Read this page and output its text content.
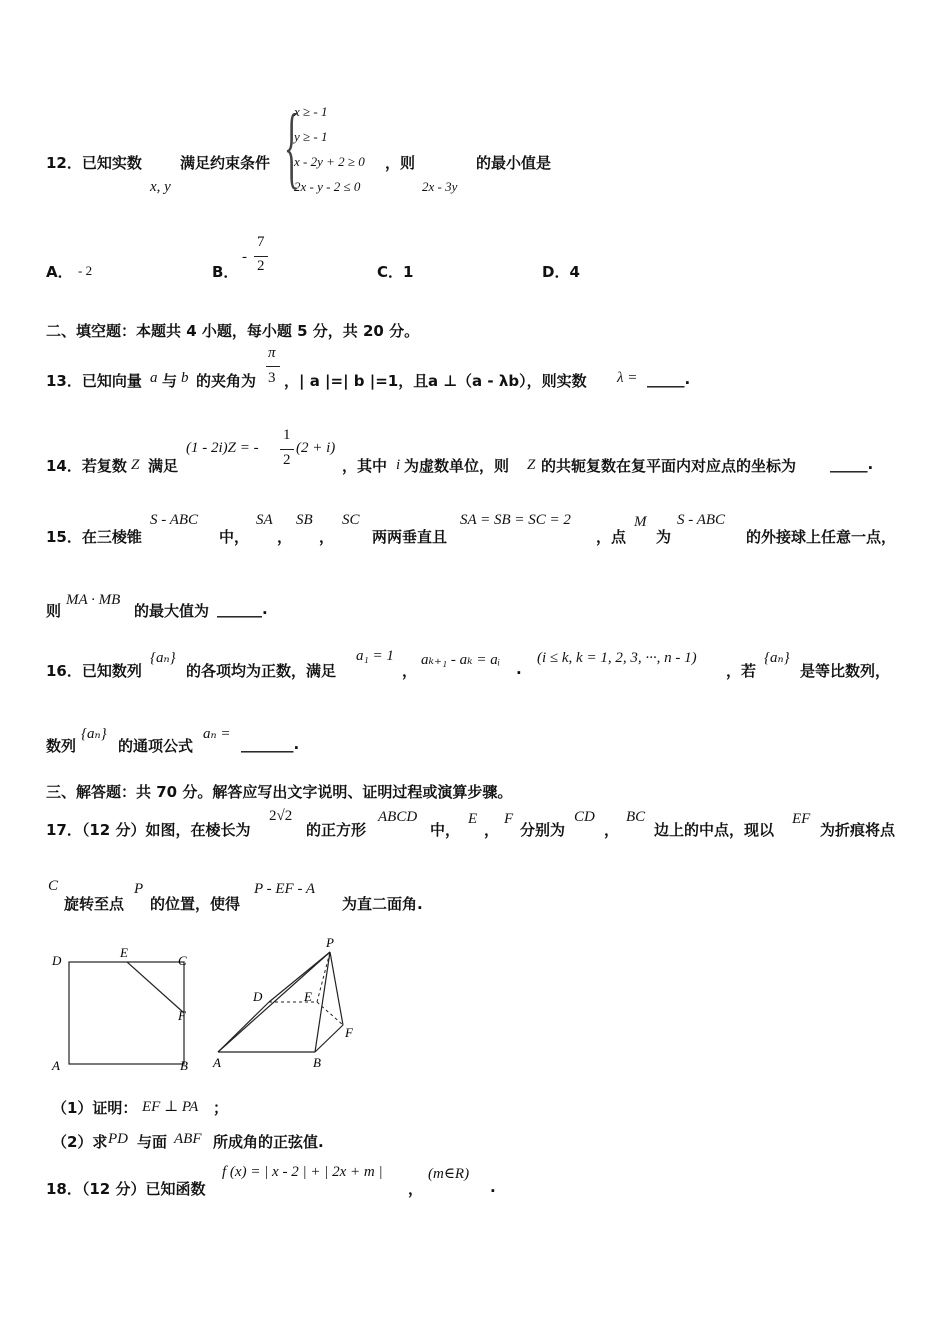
12．已知实数	满足约束条件
x, y {
x ≥ - 1
y ≥ - 1
x - 2y + 2 ≥ 0
2x - y - 2 ≤ 0
，则
2x - 3y
的最小值是
A． - 2	B．
-
7
2	C．1	D．4
二、填空题：本题共 4 小题，每小题 5 分，共 20 分。
13．已知向量 a 与 b 的夹角为
π
3 ，| a |=| b |=1，且 a ⊥（a - λb），则实数 λ = _____.
14．若复数 Z 满足
(1 - 2i)Z = -
1
2
(2 + i)
，其中 i 为虚数单位，则 Z 的共轭复数在复平面内对应点的坐标为 _____.
15．在三棱锥
S - ABC
中，
SA
，
SB
，
SC
两两垂直且
SA = SB = SC = 2
，点
M
为
S - ABC
的外接球上任意一点，
则
MA · MB
的最大值为 ______.
16．已知数列
{aₙ}
的各项均为正数，满足
a₁ = 1
，
aₖ₊₁ - aₖ = aᵢ .
(i ≤ k, k = 1, 2, 3, ···, n - 1)
，若
{aₙ}
是等比数列，
数列
{aₙ}
的通项公式
aₙ =
_______.
三、解答题：共 70 分。解答应写出文字说明、证明过程或演算步骤。
17．（12 分）如图，在棱长为
2√2
的正方形
ABCD
中，
E
，
F
分别为
CD
，
BC
边上的中点，现以
EF
为折痕将点
C
旋转至点
P
的位置，使得
P - EF - A
为直二面角.
D
E
C
F
A	B
P
D	E
F
A	B
（1）证明： EF ⊥ PA ；
（2）求 PD 与面 ABF 所成角的正弦值.
18．（12 分）已知函数
f (x) = | x - 2 | + | 2x + m |
，
(m∈R)
.
